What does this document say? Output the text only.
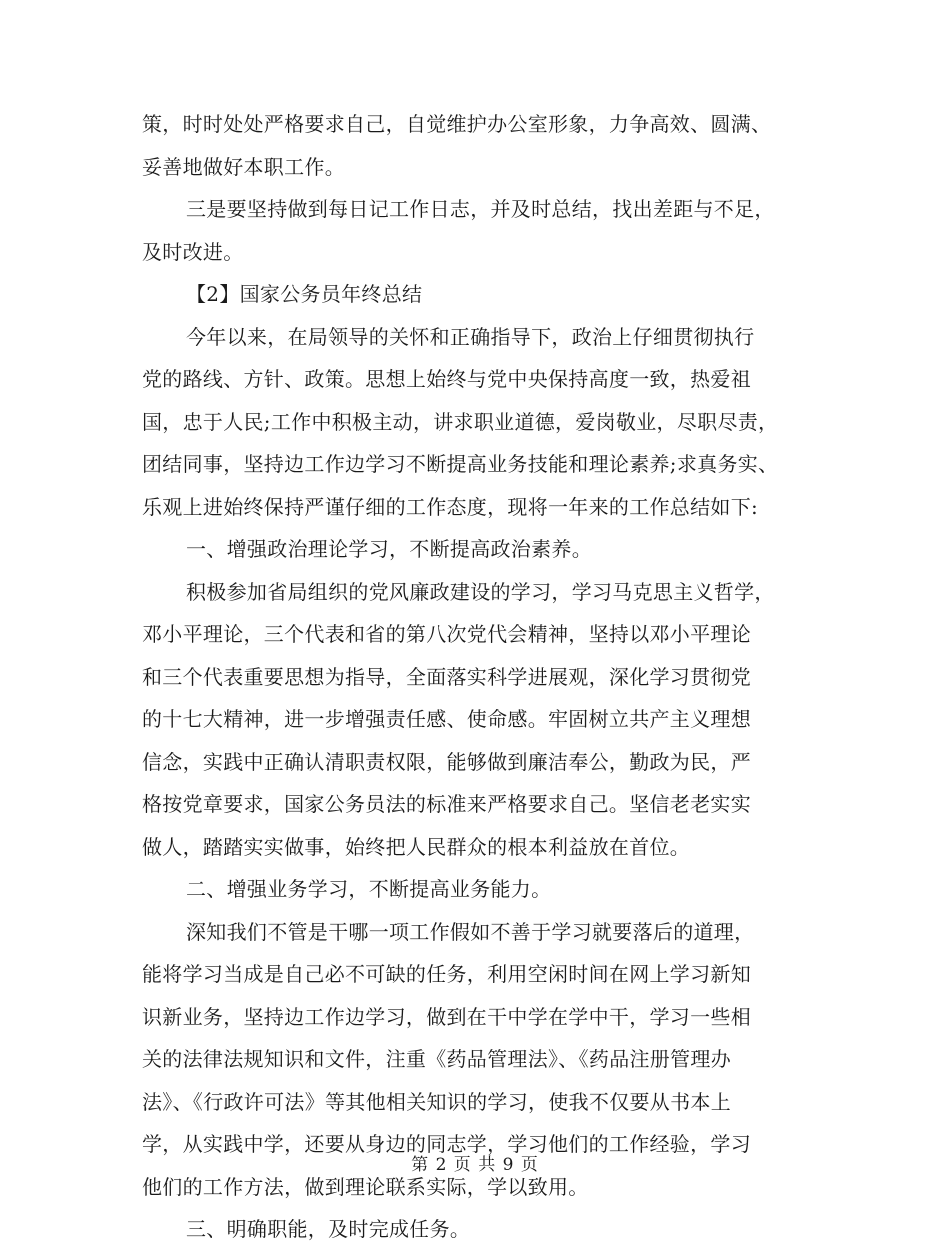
策，时时处处严格要求自己，自觉维护办公室形象，力争高效、圆满、
妥善地做好本职工作。
三是要坚持做到每日记工作日志，并及时总结，找出差距与不足，
及时改进。
【2】国家公务员年终总结
今年以来，在局领导的关怀和正确指导下，政治上仔细贯彻执行
党的路线、方针、政策。思想上始终与党中央保持高度一致，热爱祖
国，忠于人民;工作中积极主动，讲求职业道德，爱岗敬业，尽职尽责，
团结同事，坚持边工作边学习不断提高业务技能和理论素养;求真务实、
乐观上进始终保持严谨仔细的工作态度，现将一年来的工作总结如下:
一、增强政治理论学习，不断提高政治素养。
积极参加省局组织的党风廉政建设的学习，学习马克思主义哲学，
邓小平理论，三个代表和省的第八次党代会精神，坚持以邓小平理论
和三个代表重要思想为指导，全面落实科学进展观，深化学习贯彻党
的十七大精神，进一步增强责任感、使命感。牢固树立共产主义理想
信念，实践中正确认清职责权限，能够做到廉洁奉公，勤政为民，严
格按党章要求，国家公务员法的标准来严格要求自己。坚信老老实实
做人，踏踏实实做事，始终把人民群众的根本利益放在首位。
二、增强业务学习，不断提高业务能力。
深知我们不管是干哪一项工作假如不善于学习就要落后的道理，
能将学习当成是自己必不可缺的任务，利用空闲时间在网上学习新知
识新业务，坚持边工作边学习，做到在干中学在学中干，学习一些相
关的法律法规知识和文件，注重《药品管理法》、《药品注册管理办
法》、《行政许可法》等其他相关知识的学习，使我不仅要从书本上
学，从实践中学，还要从身边的同志学，学习他们的工作经验，学习
他们的工作方法，做到理论联系实际，学以致用。
三、明确职能，及时完成任务。
第 2 页 共 9 页
